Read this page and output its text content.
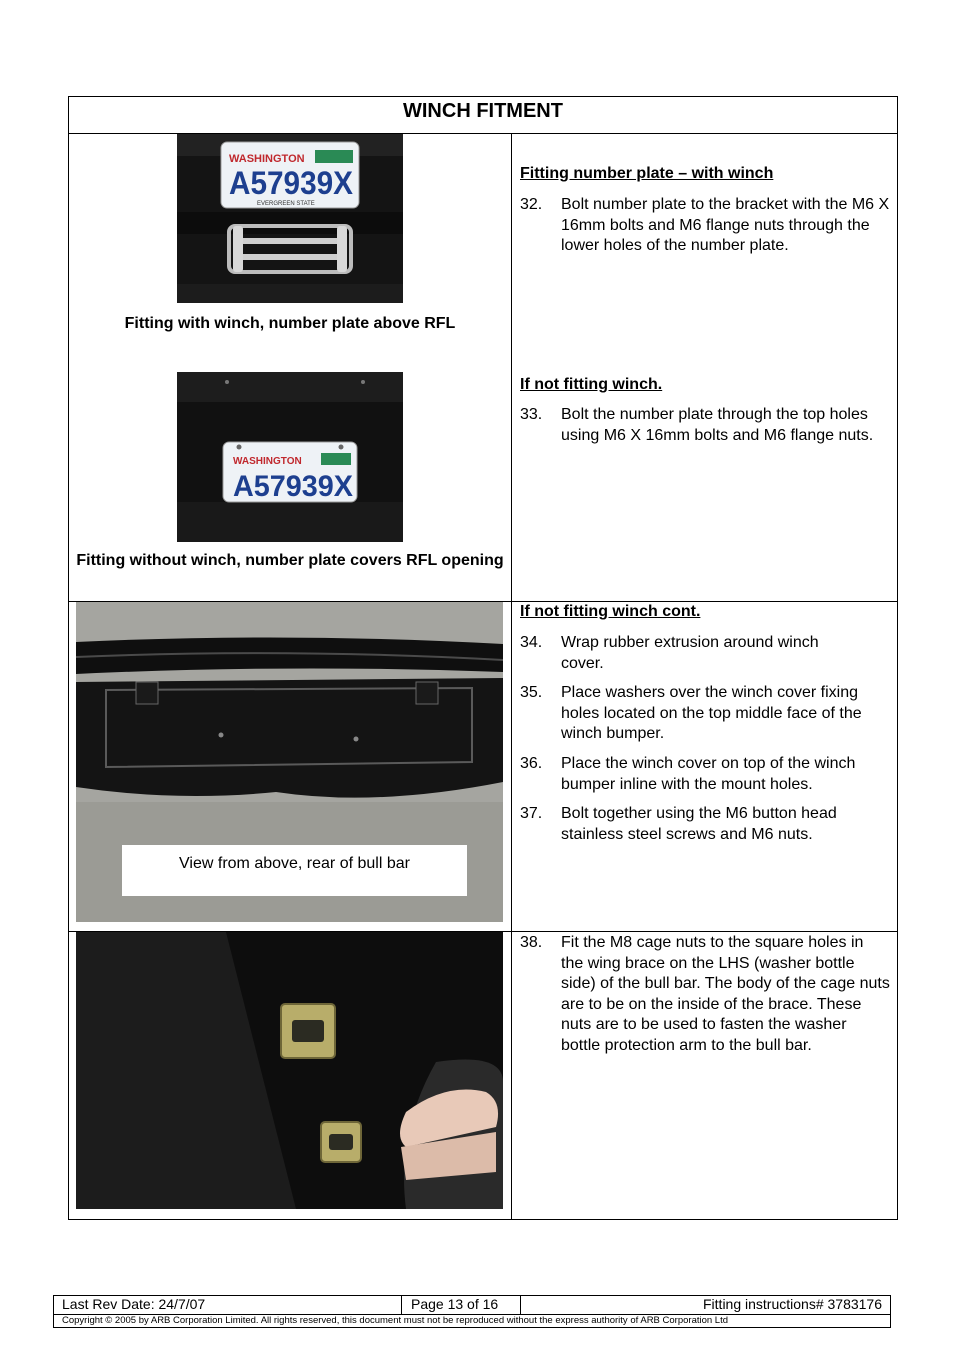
WINCH FITMENT
WASHINGTON
A57939X
EVERGREEN STATE
Fitting with winch, number plate above RFL
WASHINGTON
A57939X
Fitting without winch, number plate covers RFL opening
Fitting number plate – with winch
32. Bolt number plate to the bracket with the M6 X 16mm bolts and M6 flange nuts through the lower holes of the number plate.
If not fitting winch.
33. Bolt the number plate through the top holes using M6 X 16mm bolts and M6 flange nuts.
View from above, rear of bull bar
If not fitting winch cont.
34. Wrap rubber extrusion around winch cover.
35. Place washers over the winch cover fixing holes located on the top middle face of the winch bumper.
36. Place the winch cover on top of the winch bumper inline with the mount holes.
37. Bolt together using the M6 button head stainless steel screws and M6 nuts.
38. Fit the M8 cage nuts to the square holes in the wing brace on the LHS (washer bottle side) of the bull bar. The body of the cage nuts are to be on the inside of the brace. These nuts are to be used to fasten the washer bottle protection arm to the bull bar.
Last Rev Date: 24/7/07	Page 13 of 16	Fitting instructions# 3783176
Copyright © 2005 by ARB Corporation Limited. All rights reserved, this document must not be reproduced without the express authority of ARB Corporation Ltd
